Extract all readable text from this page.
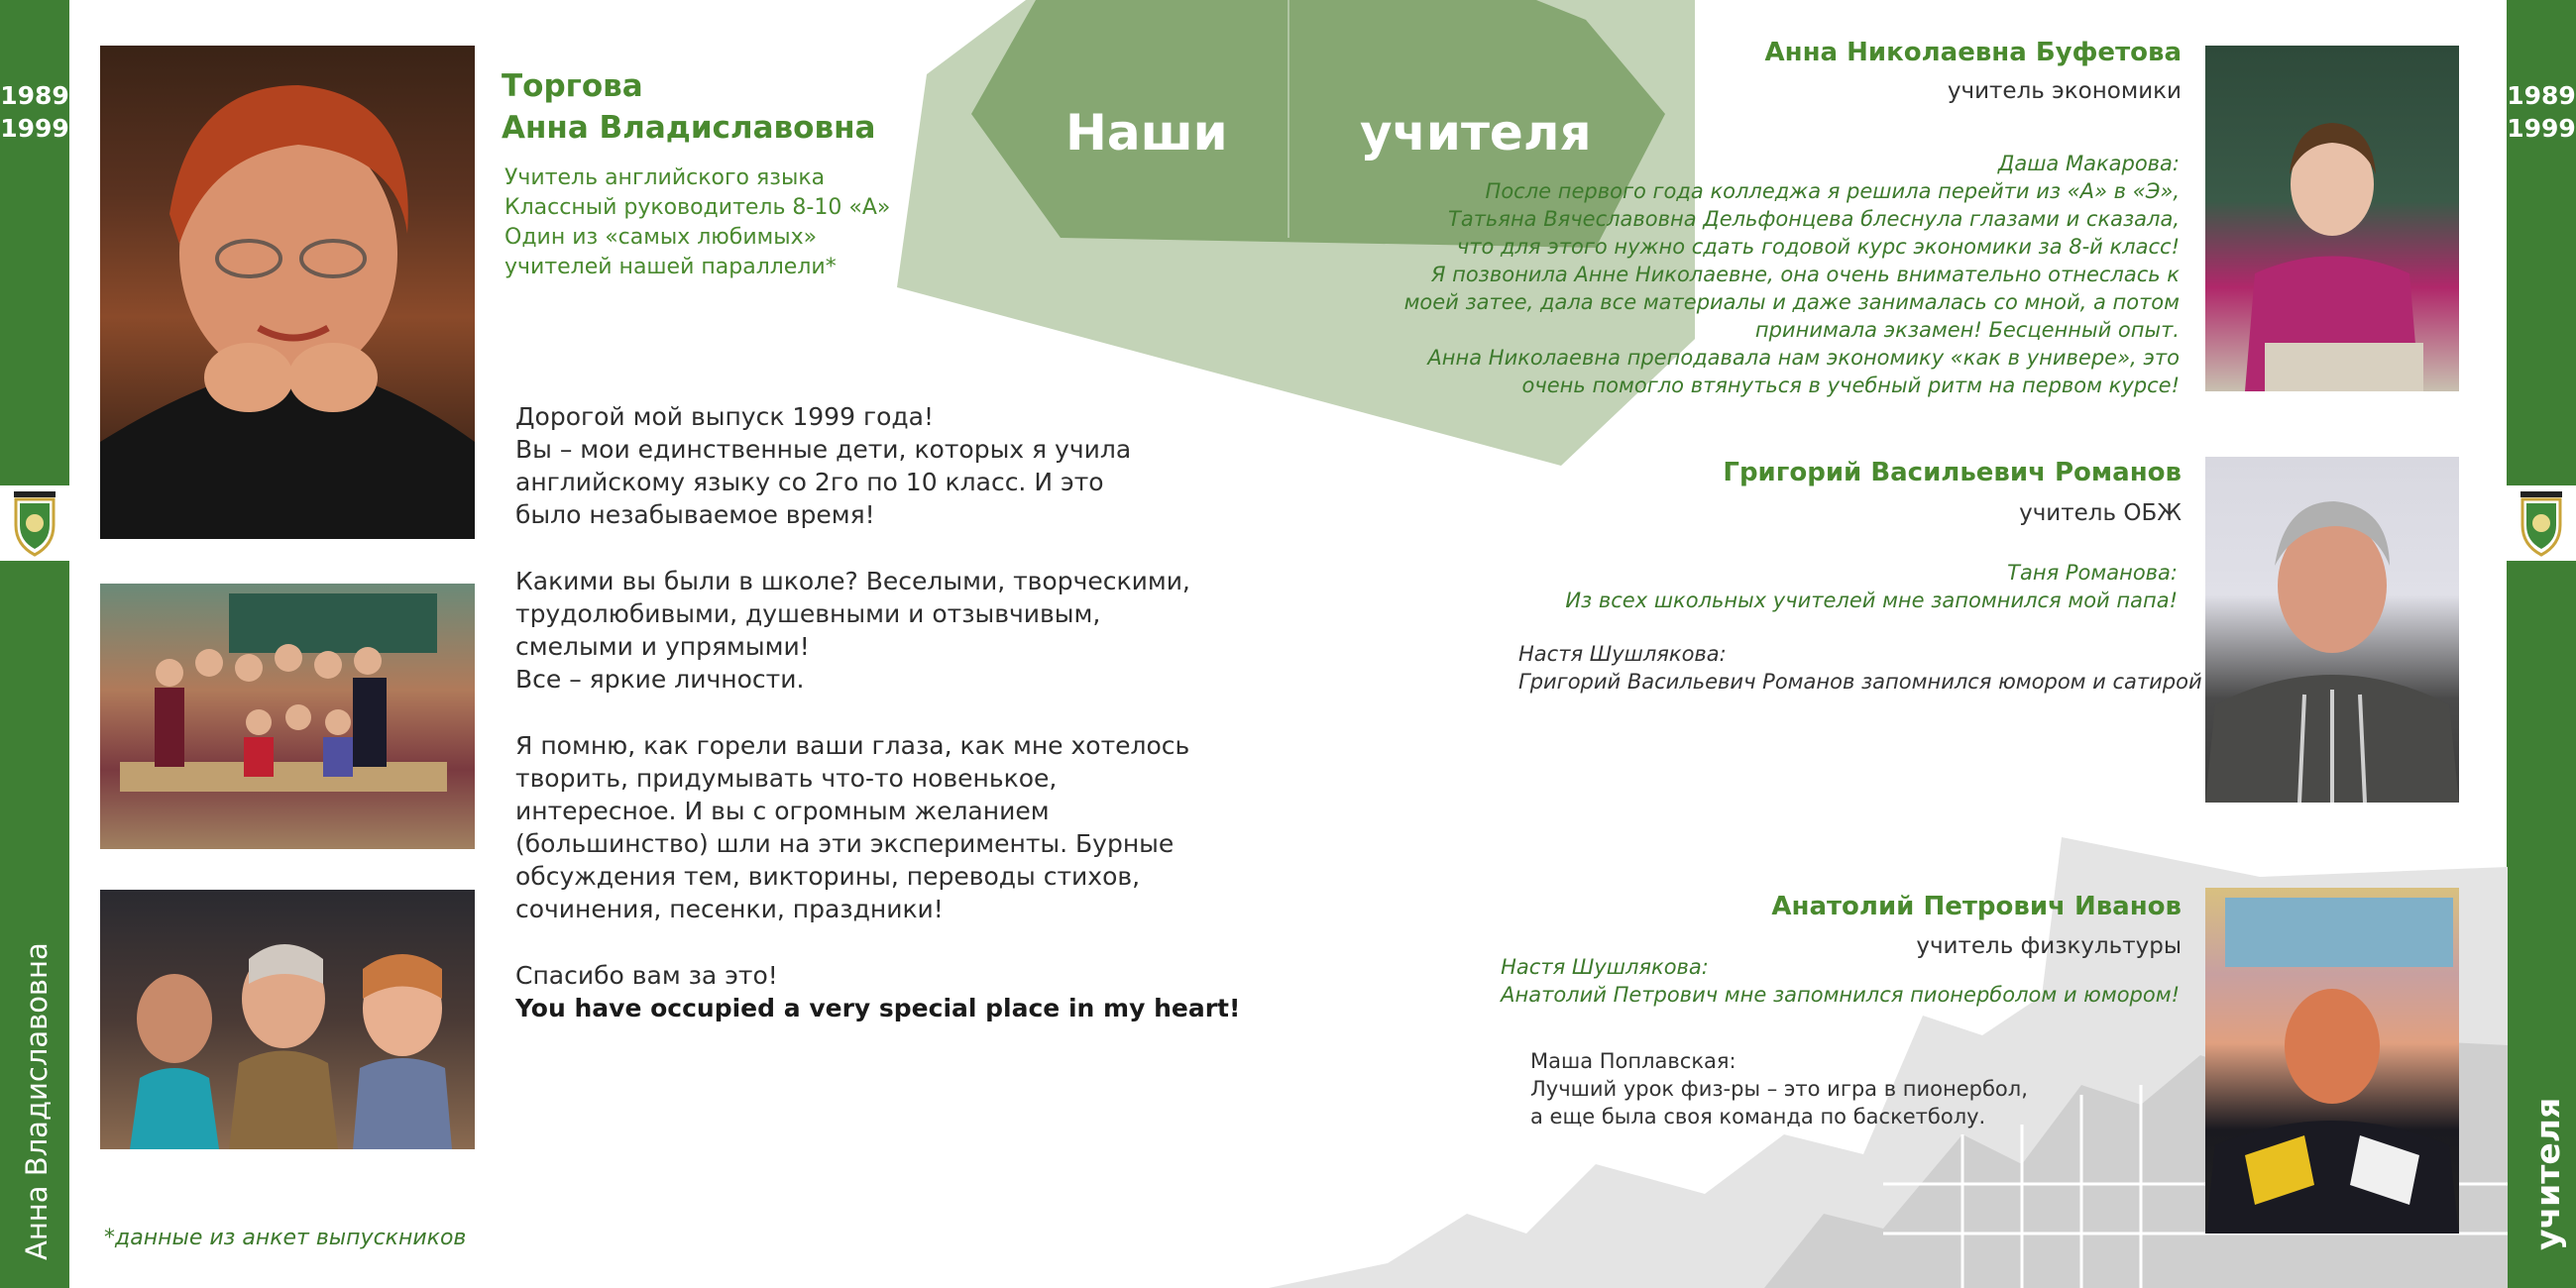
1989
1999
Анна Владиславовна
1989
1999
учителя
Наши	учителя
Торгова
Анна Владиславовна
Учитель английского языка
Классный руководитель 8-10 «А»
Один из «самых любимых»
учителей нашей параллели*

Дорогой мой выпуск 1999 года!
Вы – мои единственные дети, которых я учила
английскому языку со 2го по 10 класс. И это
было незабываемое время!

Какими вы были в школе? Веселыми, творческими,
трудолюбивыми, душевными и отзывчивым,
смелыми и упрямыми!
Все – яркие личности.

Я помню, как горели ваши глаза, как мне хотелось
творить, придумывать что-то новенькое,
интересное. И вы с огромным желанием
(большинство) шли на эти эксперименты. Бурные
обсуждения тем, викторины, переводы стихов,
сочинения, песенки, праздники!

Спасибо вам за это!
You have occupied a very special place in my heart!

*данные из анкет выпускников
Анна Николаевна Буфетова
учитель экономики
Даша Макарова:
После первого года колледжа я решила перейти из «А» в «Э»,
Татьяна Вячеславовна Дельфонцева блеснула глазами и сказала,
что для этого нужно сдать годовой курс экономики за 8-й класс!
Я позвонила Анне Николаевне, она очень внимательно отнеслась к
моей затее, дала все материалы и даже занималась со мной, а потом
принимала экзамен! Бесценный опыт.
Анна Николаевна преподавала нам экономику «как в универе», это
очень помогло втянуться в учебный ритм на первом курсе!
Григорий Васильевич Романов
учитель ОБЖ
Таня Романова:
Из всех школьных учителей мне запомнился мой папа!
Настя Шушлякова:
Григорий Васильевич Романов запомнился юмором и сатирой
Анатолий Петрович Иванов
учитель физкультуры
Настя Шушлякова:
Анатолий Петрович мне запомнился пионерболом и юмором!
Маша Поплавская:
Лучший урок физ-ры – это игра в пионербол,
а еще была своя команда по баскетболу.
